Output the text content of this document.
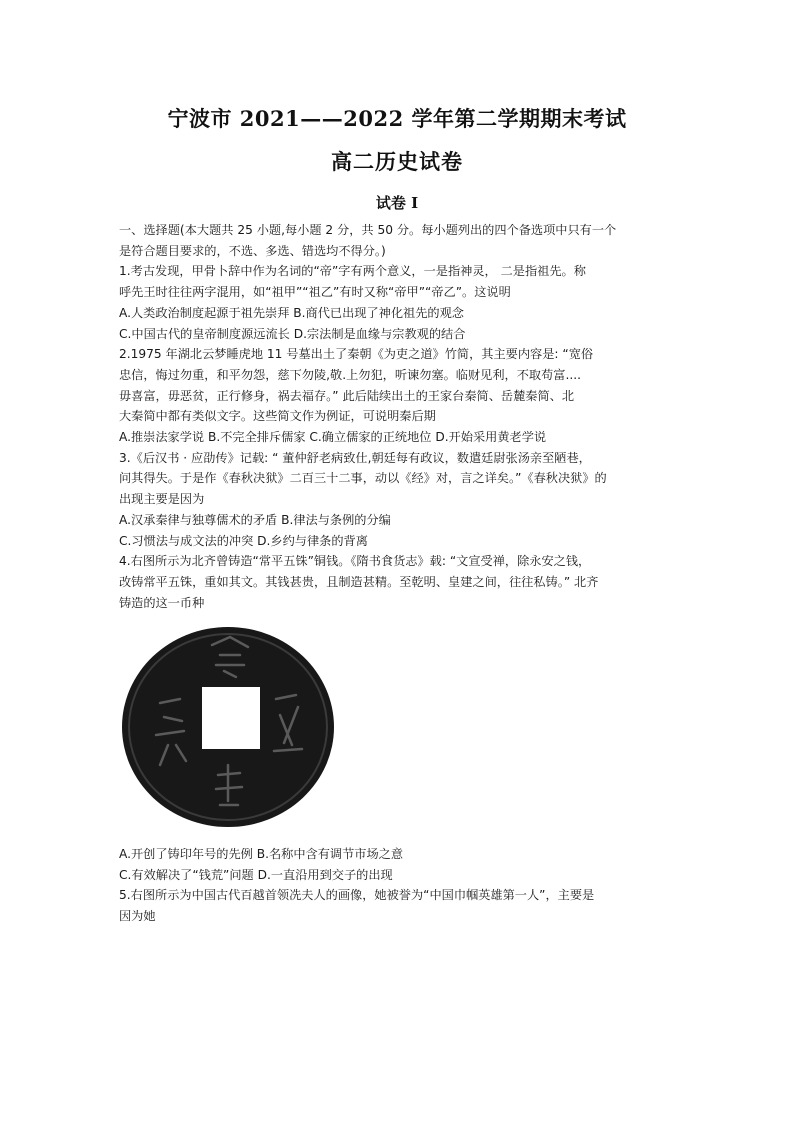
宁波市 2021——2022 学年第二学期期末考试
高二历史试卷
试卷 I

一、选择题(本大题共 25 小题,每小题 2 分，共 50 分。每小题列出的四个备选项中只有一个

是符合题目要求的，不选、多选、错选均不得分。)

1.考古发现，甲骨卜辞中作为名词的“帝”字有两个意义，一是指神灵， 二是指祖先。称

呼先王时往往两字混用，如“祖甲”“祖乙”有时又称“帝甲”“帝乙”。这说明

A.人类政治制度起源于祖先崇拜 B.商代已出现了神化祖先的观念

C.中国古代的皇帝制度源远流长 D.宗法制是血缘与宗教观的结合

2.1975 年湖北云梦睡虎地 11 号墓出土了秦朝《为吏之道》竹简，其主要内容是: “宽俗

忠信，悔过勿重，和平勿怨，慈下勿陵,敬.上勿犯，听谏勿塞。临财见利，不取苟富....

毋喜富，毋恶贫，正行修身，祸去福存。” 此后陆续出土的王家台秦简、岳麓秦简、北

大秦简中都有类似文字。这些简文作为例证，可说明秦后期

A.推崇法家学说 B.不完全排斥儒家 C.确立儒家的正统地位 D.开始采用黄老学说

3.《后汉书 · 应劭传》记载: “ 董仲舒老病致仕,朝廷每有政议，数遣廷尉张汤亲至陋巷，

问其得失。于是作《春秋决狱》二百三十二事，动以《经》对，言之详矣。”《春秋决狱》的

出现主要是因为

A.汉承秦律与独尊儒术的矛盾 B.律法与条例的分编

C.习惯法与成文法的冲突 D.乡约与律条的背离

4.右图所示为北齐曾铸造“常平五铢”铜钱。《隋书食货志》载: “文宣受禅，除永安之钱，

改铸常平五铢，重如其文。其钱甚贵，且制造甚精。至乾明、皇建之间，往往私铸。” 北齐

铸造的这一币种

A.开创了铸印年号的先例 B.名称中含有调节市场之意

C.有效解决了“钱荒”问题 D.一直沿用到交子的出现

5.右图所示为中国古代百越首领冼夫人的画像，她被誉为“中国巾帼英雄第一人”，主要是

因为她
